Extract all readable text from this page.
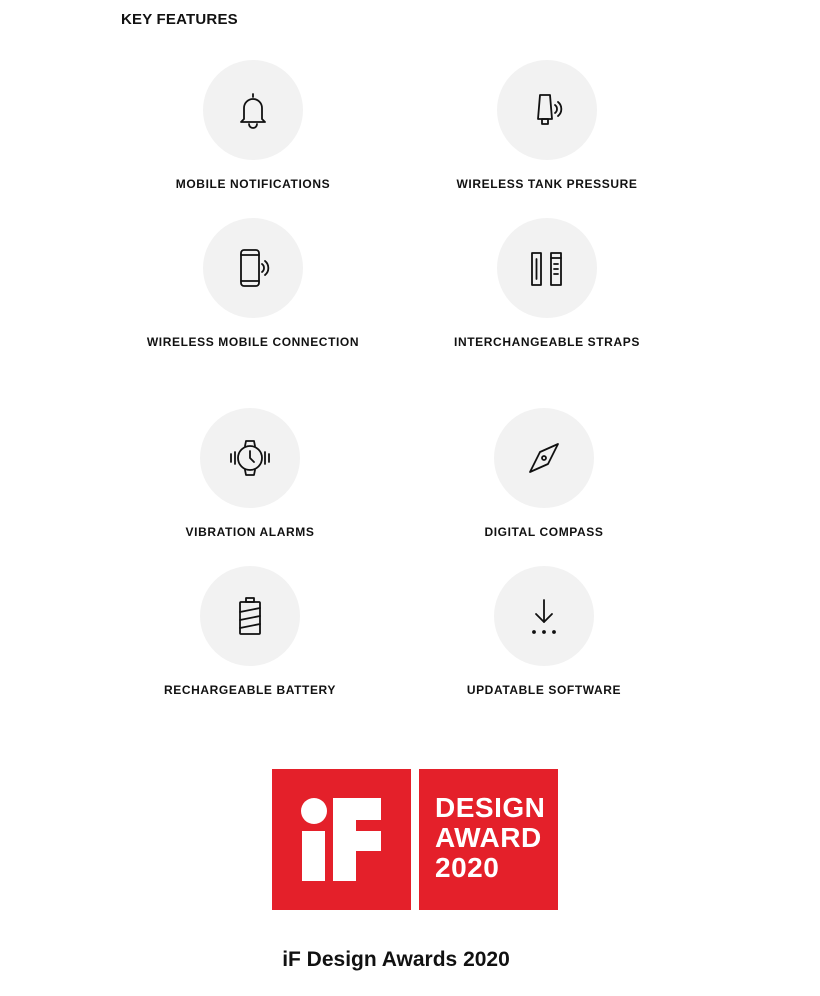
KEY FEATURES
MOBILE NOTIFICATIONS	WIRELESS TANK PRESSURE
WIRELESS MOBILE CONNECTION	INTERCHANGEABLE STRAPS
VIBRATION ALARMS	DIGITAL COMPASS
RECHARGEABLE BATTERY	UPDATABLE SOFTWARE
DESIGN
AWARD
2020
iF Design Awards 2020
